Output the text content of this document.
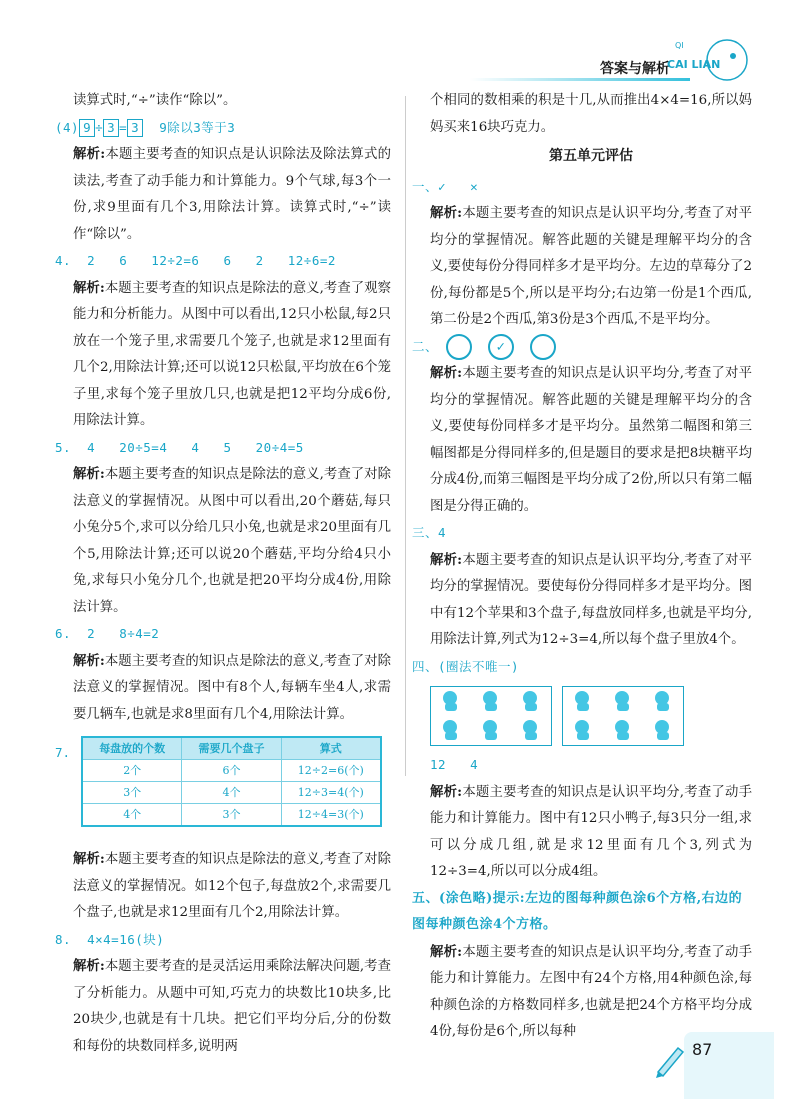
答案与解析
QI
CAI LIAN
读算式时,“÷”读作“除以”。
(4) 9 ÷ 3 = 3 9除以3等于3
解析:本题主要考查的知识点是认识除法及除法算式的读法,考查了动手能力和计算能力。9个气球,每3个一份,求9里面有几个3,用除法计算。读算式时,“÷”读作“除以”。
4.  2   6   12÷2=6   6   2   12÷6=2
解析:本题主要考查的知识点是除法的意义,考查了观察能力和分析能力。从图中可以看出,12只小松鼠,每2只放在一个笼子里,求需要几个笼子,也就是求12里面有几个2,用除法计算;还可以说12只松鼠,平均放在6个笼子里,求每个笼子里放几只,也就是把12平均分成6份,用除法计算。
5.  4   20÷5=4   4   5   20÷4=5
解析:本题主要考查的知识点是除法的意义,考查了对除法意义的掌握情况。从图中可以看出,20个蘑菇,每只小兔分5个,求可以分给几只小兔,也就是求20里面有几个5,用除法计算;还可以说20个蘑菇,平均分给4只小兔,求每只小兔分几个,也就是把20平均分成4份,用除法计算。
6.  2   8÷4=2
解析:本题主要考查的知识点是除法的意义,考查了对除法意义的掌握情况。图中有8个人,每辆车坐4人,求需要几辆车,也就是求8里面有几个4,用除法计算。
7.	每盘放的个数	需要几个盘子	算式
2个	6个	12÷2=6(个)
3个	4个	12÷3=4(个)
4个	3个	12÷4=3(个)
解析:本题主要考查的知识点是除法的意义,考查了对除法意义的掌握情况。如12个包子,每盘放2个,求需要几个盘子,也就是求12里面有几个2,用除法计算。
8.  4×4=16(块)
解析:本题主要考查的是灵活运用乘除法解决问题,考查了分析能力。从题中可知,巧克力的块数比10块多,比20块少,也就是有十几块。把它们平均分后,分的份数和每份的块数同样多,说明两
个相同的数相乘的积是十几,从而推出4×4=16,所以妈妈买来16块巧克力。
第五单元评估
一、✓   ✕
解析:本题主要考查的知识点是认识平均分,考查了对平均分的掌握情况。解答此题的关键是理解平均分的含义,要使每份分得同样多才是平均分。左边的草莓分了2份,每份都是5个,所以是平均分;右边第一份是1个西瓜,第二份是2个西瓜,第3份是3个西瓜,不是平均分。
二、	✓
解析:本题主要考查的知识点是认识平均分,考查了对平均分的掌握情况。解答此题的关键是理解平均分的含义,要使每份同样多才是平均分。虽然第二幅图和第三幅图都是分得同样多的,但是题目的要求是把8块糖平均分成4份,而第三幅图是平均分成了2份,所以只有第二幅图是分得正确的。
三、4
解析:本题主要考查的知识点是认识平均分,考查了对平均分的掌握情况。要使每份分得同样多才是平均分。图中有12个苹果和3个盘子,每盘放同样多,也就是平均分,用除法计算,列式为12÷3=4,所以每个盘子里放4个。
四、(圈法不唯一)
12   4
解析:本题主要考查的知识点是认识平均分,考查了动手能力和计算能力。图中有12只小鸭子,每3只分一组,求可以分成几组,就是求12里面有几个3,列式为12÷3=4,所以可以分成4组。
五、(涂色略)提示:左边的图每种颜色涂6个方格,右边的图每种颜色涂4个方格。
解析:本题主要考查的知识点是认识平均分,考查了动手能力和计算能力。左图中有24个方格,用4种颜色涂,每种颜色涂的方格数同样多,也就是把24个方格平均分成4份,每份是6个,所以每种
87
